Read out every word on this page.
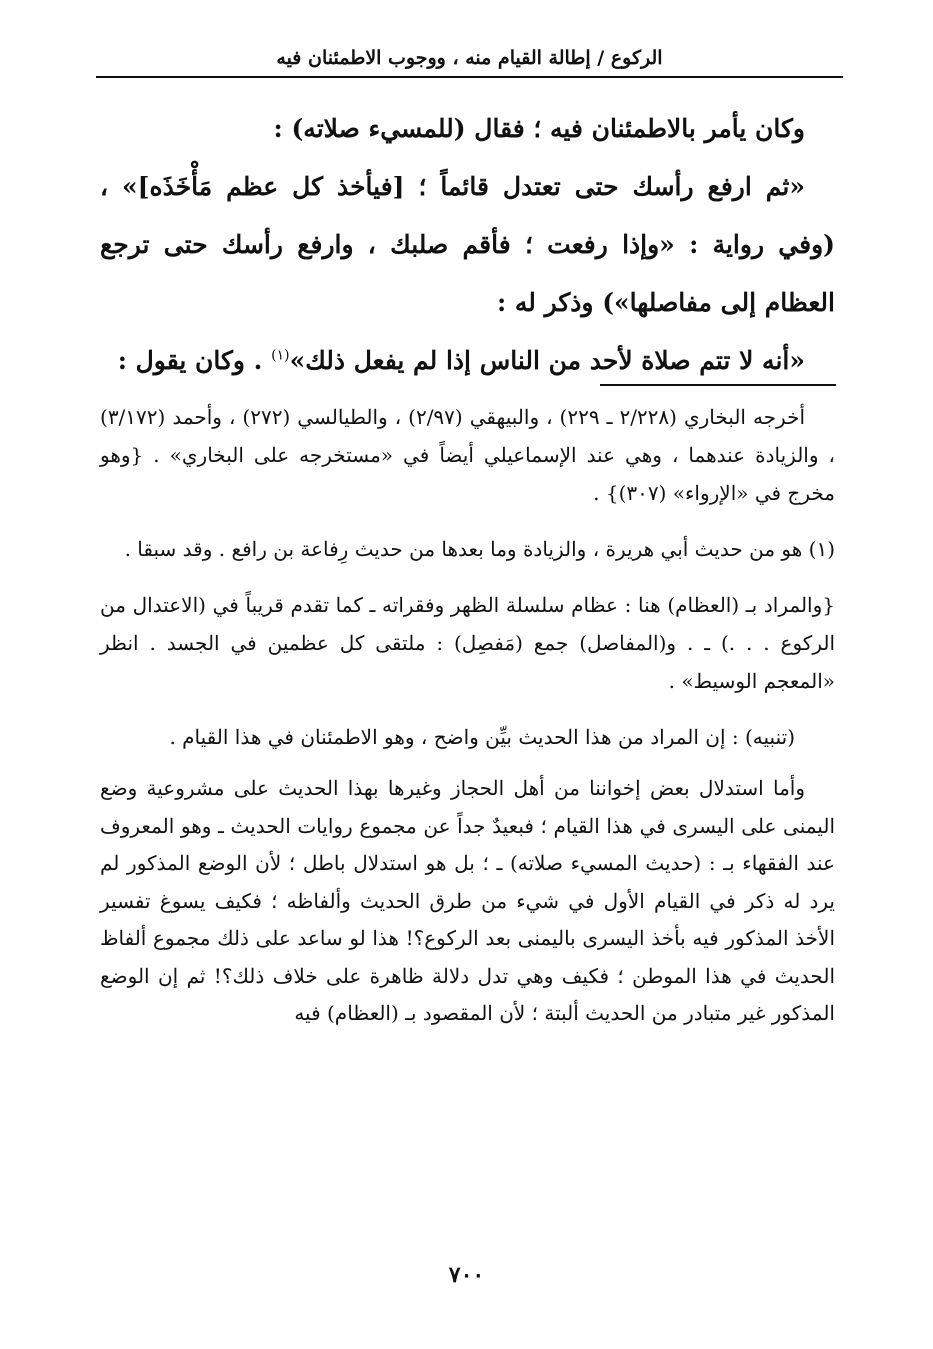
الركوع / إطالة القيام منه ، ووجوب الاطمئنان فيه

وكان يأمر بالاطمئنان فيه ؛ فقال (للمسيء صلاته) :

«ثم ارفع رأسك حتى تعتدل قائماً ؛ [فيأخذ كل عظم مَأْخَذَه]» ، (وفي رواية : «وإذا رفعت ؛ فأقم صلبك ، وارفع رأسك حتى ترجع العظام إلى مفاصلها») وذكر له :

«أنه لا تتم صلاة لأحد من الناس إذا لم يفعل ذلك»$^{(١)}$ . وكان يقول :

أخرجه البخاري (٢/٢٢٨ ـ ٢٢٩) ، والبيهقي (٢/٩٧) ، والطيالسي (٢٧٢) ، وأحمد (٣/١٧٢) ، والزيادة عندهما ، وهي عند الإسماعيلي أيضاً في «مستخرجه على البخاري» . {وهو مخرج في «الإرواء» (٣٠٧)} .

(١) هو من حديث أبي هريرة ، والزيادة وما بعدها من حديث رِفاعة بن رافع . وقد سبقا .

{والمراد بـ (العظام) هنا : عظام سلسلة الظهر وفقراته ـ كما تقدم قريباً في (الاعتدال من الركوع . . .) ـ . و(المفاصل) جمع (مَفصِل) : ملتقى كل عظمين في الجسد . انظر «المعجم الوسيط» .

(تنبيه) : إن المراد من هذا الحديث بيِّن واضح ، وهو الاطمئنان في هذا القيام .

وأما استدلال بعض إخواننا من أهل الحجاز وغيرها بهذا الحديث على مشروعية وضع اليمنى على اليسرى في هذا القيام ؛ فبعيدٌ جداً عن مجموع روايات الحديث ـ وهو المعروف عند الفقهاء بـ : (حديث المسيء صلاته) ـ ؛ بل هو استدلال باطل ؛ لأن الوضع المذكور لم يرد له ذكر في القيام الأول في شيء من طرق الحديث وألفاظه ؛ فكيف يسوغ تفسير الأخذ المذكور فيه بأخذ اليسرى باليمنى بعد الركوع؟! هذا لو ساعد على ذلك مجموع ألفاظ الحديث في هذا الموطن ؛ فكيف وهي تدل دلالة ظاهرة على خلاف ذلك؟! ثم إن الوضع المذكور غير متبادر من الحديث ألبتة ؛ لأن المقصود بـ (العظام) فيه

٧٠٠
